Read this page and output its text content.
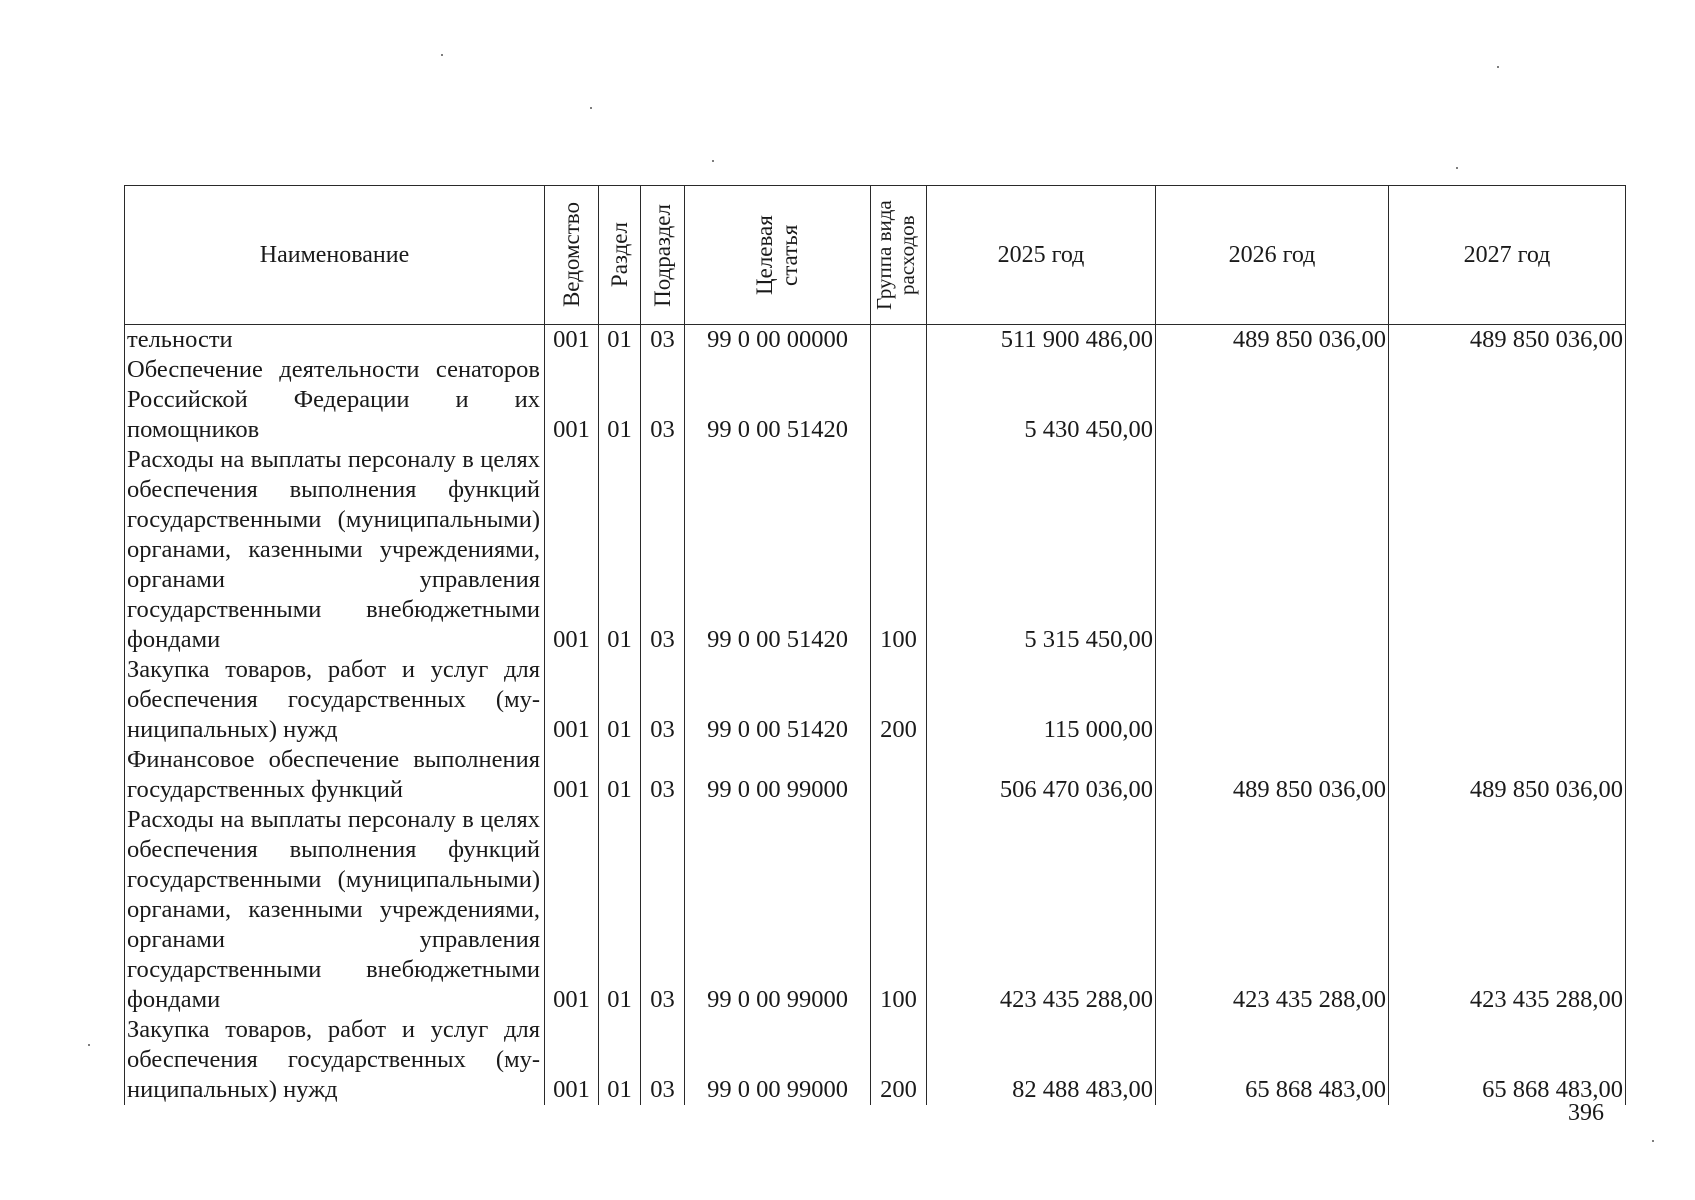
Наименование	Ведомство	Раздел	Подраздел	Целевая статья	Группа вида расходов	2025 год	2026 год	2027 год
тельности	001	01	03	99 0 00 00000		511 900 486,00	489 850 036,00	489 850 036,00
Обеспечение деятельности сенаторов Российской Федерации и их помощников	001	01	03	99 0 00 51420		5 430 450,00		
Расходы на выплаты персоналу в целях обеспечения выполнения функций государственными (муниципальными) органами, казенными учреждениями, органами управления государственными внебюджетными фондами	001	01	03	99 0 00 51420	100	5 315 450,00		
Закупка товаров, работ и услуг для обеспечения государственных (муниципальных) нужд	001	01	03	99 0 00 51420	200	115 000,00		
Финансовое обеспечение выполнения государственных функций	001	01	03	99 0 00 99000		506 470 036,00	489 850 036,00	489 850 036,00
Расходы на выплаты персоналу в целях обеспечения выполнения функций государственными (муниципальными) органами, казенными учреждениями, органами управления государственными внебюджетными фондами	001	01	03	99 0 00 99000	100	423 435 288,00	423 435 288,00	423 435 288,00
Закупка товаров, работ и услуг для обеспечения государственных (муниципальных) нужд	001	01	03	99 0 00 99000	200	82 488 483,00	65 868 483,00	65 868 483,00
396
